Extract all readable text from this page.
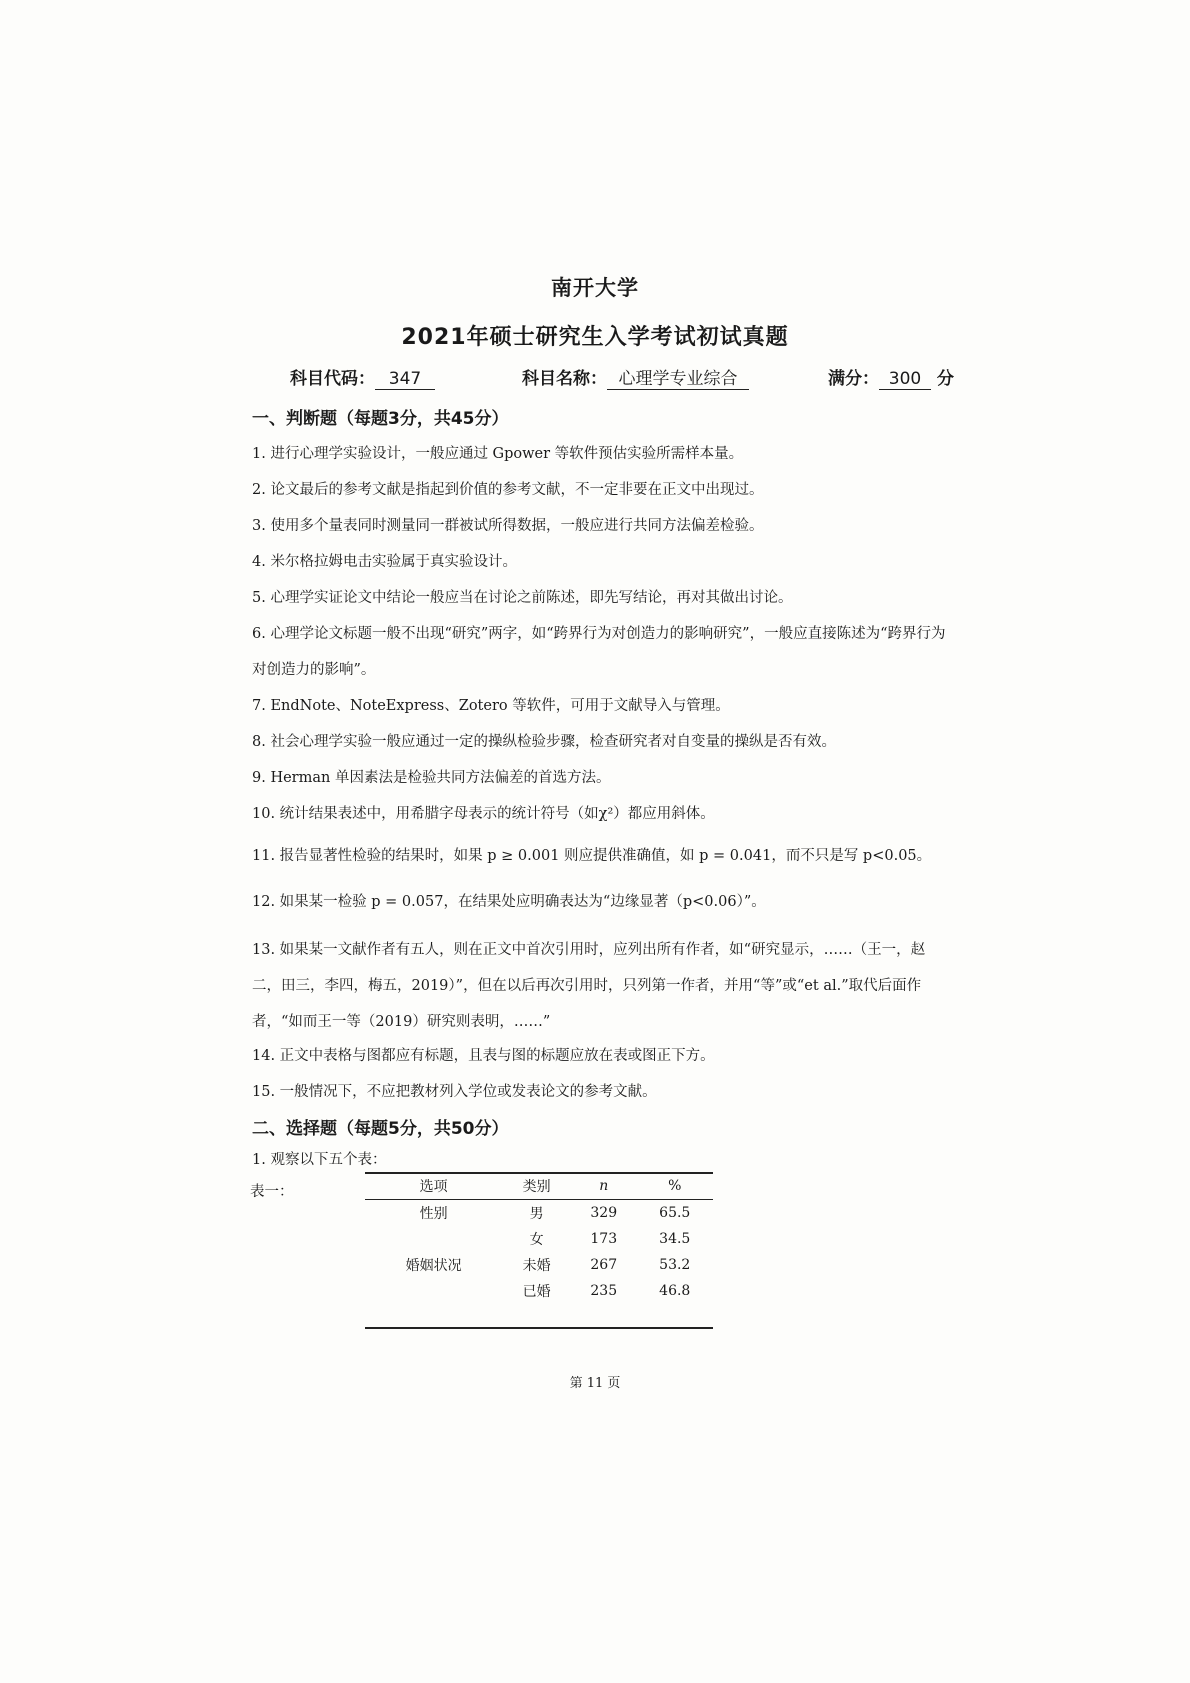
南开大学
2021年硕士研究生入学考试初试真题
科目代码： 347	科目名称： 心理学专业综合	满分： 300 分
一、判断题（每题3分，共45分）
1. 进行心理学实验设计，一般应通过 Gpower 等软件预估实验所需样本量。
2. 论文最后的参考文献是指起到价值的参考文献，不一定非要在正文中出现过。
3. 使用多个量表同时测量同一群被试所得数据，一般应进行共同方法偏差检验。
4. 米尔格拉姆电击实验属于真实验设计。
5. 心理学实证论文中结论一般应当在讨论之前陈述，即先写结论，再对其做出讨论。
6. 心理学论文标题一般不出现“研究”两字，如“跨界行为对创造力的影响研究”，一般应直接陈述为“跨界行为对创造力的影响”。
7. EndNote、NoteExpress、Zotero 等软件，可用于文献导入与管理。
8. 社会心理学实验一般应通过一定的操纵检验步骤，检查研究者对自变量的操纵是否有效。
9. Herman 单因素法是检验共同方法偏差的首选方法。
10. 统计结果表述中，用希腊字母表示的统计符号（如χ²）都应用斜体。
11. 报告显著性检验的结果时，如果 p ≥ 0.001 则应提供准确值，如 p = 0.041，而不只是写 p<0.05。
12. 如果某一检验 p = 0.057，在结果处应明确表达为“边缘显著（p<0.06）”。
13. 如果某一文献作者有五人，则在正文中首次引用时，应列出所有作者，如“研究显示，……（王一，赵二，田三，李四，梅五，2019）”，但在以后再次引用时，只列第一作者，并用“等”或“et al.”取代后面作者，“如而王一等（2019）研究则表明，……”
14. 正文中表格与图都应有标题，且表与图的标题应放在表或图正下方。
15. 一般情况下，不应把教材列入学位或发表论文的参考文献。
二、选择题（每题5分，共50分）
1. 观察以下五个表：
表一：	选项	类别	n	%
性别	男	329	65.5
	女	173	34.5
婚姻状况	未婚	267	53.2
	已婚	235	46.8
第 11 页
